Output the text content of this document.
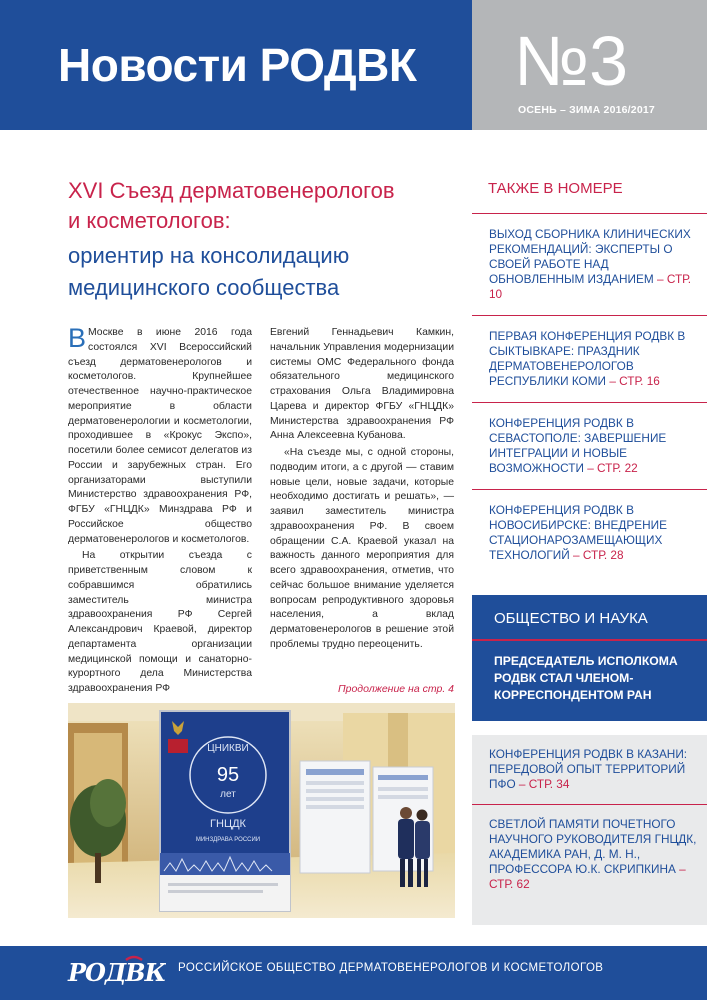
Новости РОДВК №3
ОСЕНЬ – ЗИМА 2016/2017
XVI Съезд дерматовенерологов
и косметологов:
ориентир на консолидацию
медицинского сообщества

В Москве в июне 2016 года состоялся XVI Всероссийский съезд дерматовенерологов и косметологов. Крупнейшее отечественное научно-практическое мероприятие в области дерматовенерологии и косметологии, проходившее в «Крокус Экспо», посетили более семисот делегатов из России и зарубежных стран. Его организаторами выступили Министерство здравоохранения РФ, ФГБУ «ГНЦДК» Минздрава РФ и Российское общество дерматовенерологов и косметологов.

На открытии съезда с приветственным словом к собравшимся обратились заместитель министра здравоохранения РФ Сергей Александрович Краевой, директор департамента организации медицинской помощи и санаторно-курортного дела Министерства здравоохранения РФ

Евгений Геннадьевич Камкин, начальник Управления модернизации системы ОМС Федерального фонда обязательного медицинского страхования Ольга Владимировна Царева и директор ФГБУ «ГНЦДК» Министерства здравоохранения РФ Анна Алексеевна Кубанова.

«На съезде мы, с одной стороны, подводим итоги, а с другой — ставим новые цели, новые задачи, которые необходимо достигать и решать», — заявил заместитель министра здравоохранения РФ. В своем обращении С.А. Краевой указал на важность данного мероприятия для всего здравоохранения, отметив, что сейчас большое внимание уделяется вопросам репродуктивного здоровья населения, а вклад дерматовенерологов в решение этой проблемы трудно переоценить.

Продолжение на стр. 4
ЦНИКВИ
95
лет
ГНЦДК
МИНЗДРАВА РОССИИ
ТАКЖЕ В НОМЕРЕ
ВЫХОД СБОРНИКА КЛИНИЧЕСКИХ РЕКОМЕНДАЦИЙ: ЭКСПЕРТЫ О СВОЕЙ РАБОТЕ НАД ОБНОВЛЕННЫМ ИЗДАНИЕМ – СТР. 10
ПЕРВАЯ КОНФЕРЕНЦИЯ РОДВК В СЫКТЫВКАРЕ: ПРАЗДНИК ДЕРМАТОВЕНЕРОЛОГОВ РЕСПУБЛИКИ КОМИ – СТР. 16
КОНФЕРЕНЦИЯ РОДВК В СЕВАСТОПОЛЕ: ЗАВЕРШЕНИЕ ИНТЕГРАЦИИ И НОВЫЕ ВОЗМОЖНОСТИ – СТР. 22
КОНФЕРЕНЦИЯ РОДВК В НОВОСИБИРСКЕ: ВНЕДРЕНИЕ СТАЦИОНАРОЗАМЕЩАЮЩИХ ТЕХНОЛОГИЙ – СТР. 28
ОБЩЕСТВО И НАУКА
ПРЕДСЕДАТЕЛЬ ИСПОЛКОМА РОДВК СТАЛ ЧЛЕНОМ-КОРРЕСПОНДЕНТОМ РАН
КОНФЕРЕНЦИЯ РОДВК В КАЗАНИ: ПЕРЕДОВОЙ ОПЫТ ТЕРРИТОРИЙ ПФО – СТР. 34
СВЕТЛОЙ ПАМЯТИ ПОЧЕТНОГО НАУЧНОГО РУКОВОДИТЕЛЯ ГНЦДК, АКАДЕМИКА РАН, Д. М. Н., ПРОФЕССОРА Ю.К. СКРИПКИНА – СТР. 62
РОДВК РОССИЙСКОЕ ОБЩЕСТВО ДЕРМАТОВЕНЕРОЛОГОВ И КОСМЕТОЛОГОВ
